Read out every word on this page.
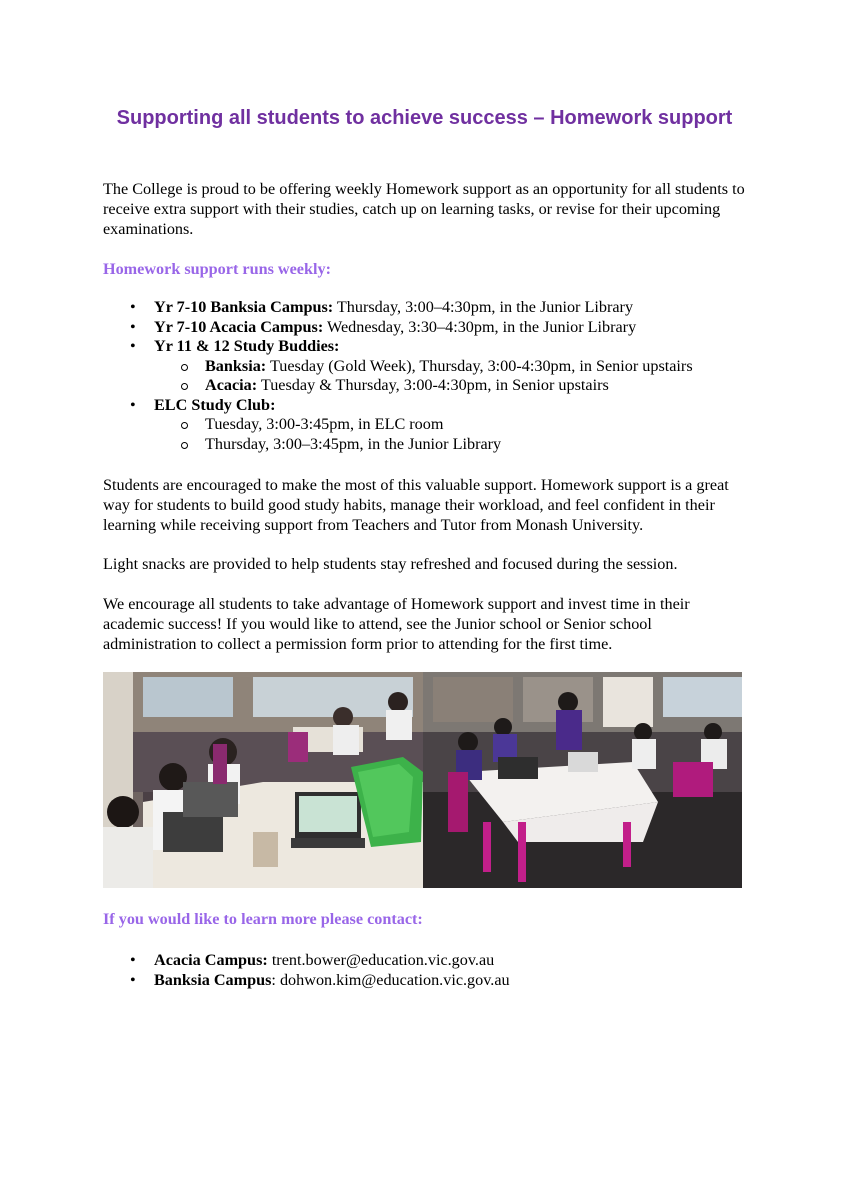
Supporting all students to achieve success – Homework support
The College is proud to be offering weekly Homework support as an opportunity for all students to receive extra support with their studies, catch up on learning tasks, or revise for their upcoming examinations.
Homework support runs weekly:
• Yr 7-10 Banksia Campus: Thursday, 3:00–4:30pm, in the Junior Library
• Yr 7-10 Acacia Campus: Wednesday, 3:30–4:30pm, in the Junior Library
• Yr 11 & 12 Study Buddies:
Banksia: Tuesday (Gold Week), Thursday, 3:00-4:30pm, in Senior upstairs
Acacia: Tuesday & Thursday, 3:00-4:30pm, in Senior upstairs
• ELC Study Club:
Tuesday, 3:00-3:45pm, in ELC room
Thursday, 3:00–3:45pm, in the Junior Library
Students are encouraged to make the most of this valuable support. Homework support is a great way for students to build good study habits, manage their workload, and feel confident in their learning while receiving support from Teachers and Tutor from Monash University.
Light snacks are provided to help students stay refreshed and focused during the session.
We encourage all students to take advantage of Homework support and invest time in their academic success! If you would like to attend, see the Junior school or Senior school administration to collect a permission form prior to attending for the first time.
If you would like to learn more please contact:
• Acacia Campus: trent.bower@education.vic.gov.au
• Banksia Campus: dohwon.kim@education.vic.gov.au
